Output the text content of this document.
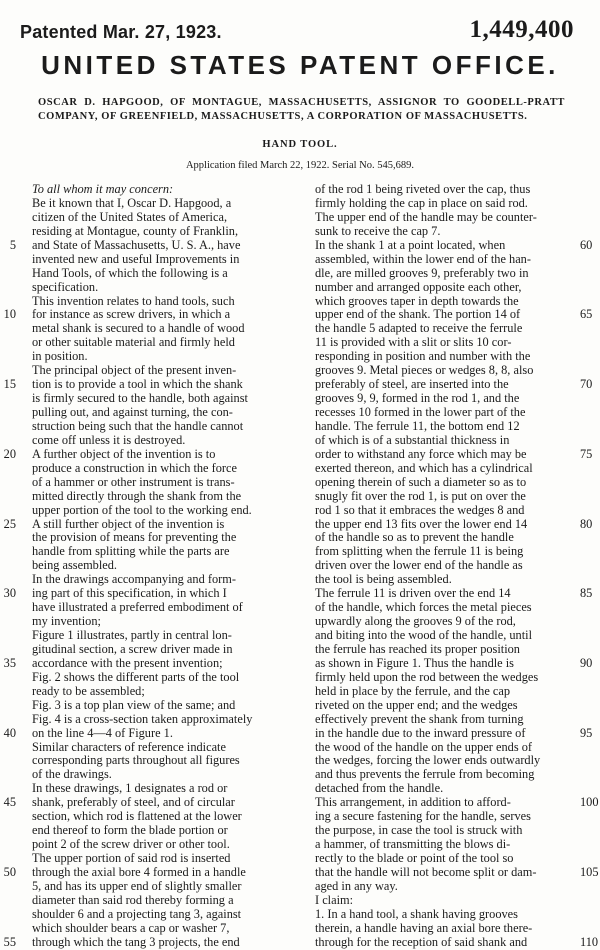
Patented Mar. 27, 1923.	1,449,400
UNITED STATES PATENT OFFICE.
OSCAR D. HAPGOOD, OF MONTAGUE, MASSACHUSETTS, ASSIGNOR TO GOODELL-PRATT COMPANY, OF GREENFIELD, MASSACHUSETTS, A CORPORATION OF MASSACHUSETTS.
HAND TOOL.
Application filed March 22, 1922. Serial No. 545,689.
5
10
15
20
25
30
35
40
45
50
55
To all whom it may concern:
Be it known that I, Oscar D. Hapgood, a
citizen of the United States of America,
residing at Montague, county of Franklin,
and State of Massachusetts, U. S. A., have
invented new and useful Improvements in
Hand Tools, of which the following is a
specification.
This invention relates to hand tools, such
for instance as screw drivers, in which a
metal shank is secured to a handle of wood
or other suitable material and firmly held
in position.
The principal object of the present inven-
tion is to provide a tool in which the shank
is firmly secured to the handle, both against
pulling out, and against turning, the con-
struction being such that the handle cannot
come off unless it is destroyed.
A further object of the invention is to
produce a construction in which the force
of a hammer or other instrument is trans-
mitted directly through the shank from the
upper portion of the tool to the working end.
A still further object of the invention is
the provision of means for preventing the
handle from splitting while the parts are
being assembled.
In the drawings accompanying and form-
ing part of this specification, in which I
have illustrated a preferred embodiment of
my invention;
Figure 1 illustrates, partly in central lon-
gitudinal section, a screw driver made in
accordance with the present invention;
Fig. 2 shows the different parts of the tool
ready to be assembled;
Fig. 3 is a top plan view of the same; and
Fig. 4 is a cross-section taken approximately
on the line 4—4 of Figure 1.
Similar characters of reference indicate
corresponding parts throughout all figures
of the drawings.
In these drawings, 1 designates a rod or
shank, preferably of steel, and of circular
section, which rod is flattened at the lower
end thereof to form the blade portion or
point 2 of the screw driver or other tool.
The upper portion of said rod is inserted
through the axial bore 4 formed in a handle
5, and has its upper end of slightly smaller
diameter than said rod thereby forming a
shoulder 6 and a projecting tang 3, against
which shoulder bears a cap or washer 7,
through which the tang 3 projects, the end
of the rod 1 being riveted over the cap, thus
firmly holding the cap in place on said rod.
The upper end of the handle may be counter-
sunk to receive the cap 7.
In the shank 1 at a point located, when
assembled, within the lower end of the han-
dle, are milled grooves 9, preferably two in
number and arranged opposite each other,
which grooves taper in depth towards the
upper end of the shank. The portion 14 of
the handle 5 adapted to receive the ferrule
11 is provided with a slit or slits 10 cor-
responding in position and number with the
grooves 9. Metal pieces or wedges 8, 8, also
preferably of steel, are inserted into the
grooves 9, 9, formed in the rod 1, and the
recesses 10 formed in the lower part of the
handle. The ferrule 11, the bottom end 12
of which is of a substantial thickness in
order to withstand any force which may be
exerted thereon, and which has a cylindrical
opening therein of such a diameter so as to
snugly fit over the rod 1, is put on over the
rod 1 so that it embraces the wedges 8 and
the upper end 13 fits over the lower end 14
of the handle so as to prevent the handle
from splitting when the ferrule 11 is being
driven over the lower end of the handle as
the tool is being assembled.
The ferrule 11 is driven over the end 14
of the handle, which forces the metal pieces
upwardly along the grooves 9 of the rod,
and biting into the wood of the handle, until
the ferrule has reached its proper position
as shown in Figure 1. Thus the handle is
firmly held upon the rod between the wedges
held in place by the ferrule, and the cap
riveted on the upper end; and the wedges
effectively prevent the shank from turning
in the handle due to the inward pressure of
the wood of the handle on the upper ends of
the wedges, forcing the lower ends outwardly
and thus prevents the ferrule from becoming
detached from the handle.
This arrangement, in addition to afford-
ing a secure fastening for the handle, serves
the purpose, in case the tool is struck with
a hammer, of transmitting the blows di-
rectly to the blade or point of the tool so
that the handle will not become split or dam-
aged in any way.
I claim:
1. In a hand tool, a shank having grooves
therein, a handle having an axial bore there-
through for the reception of said shank and
60
65
70
75
80
85
90
95
100
105
110
